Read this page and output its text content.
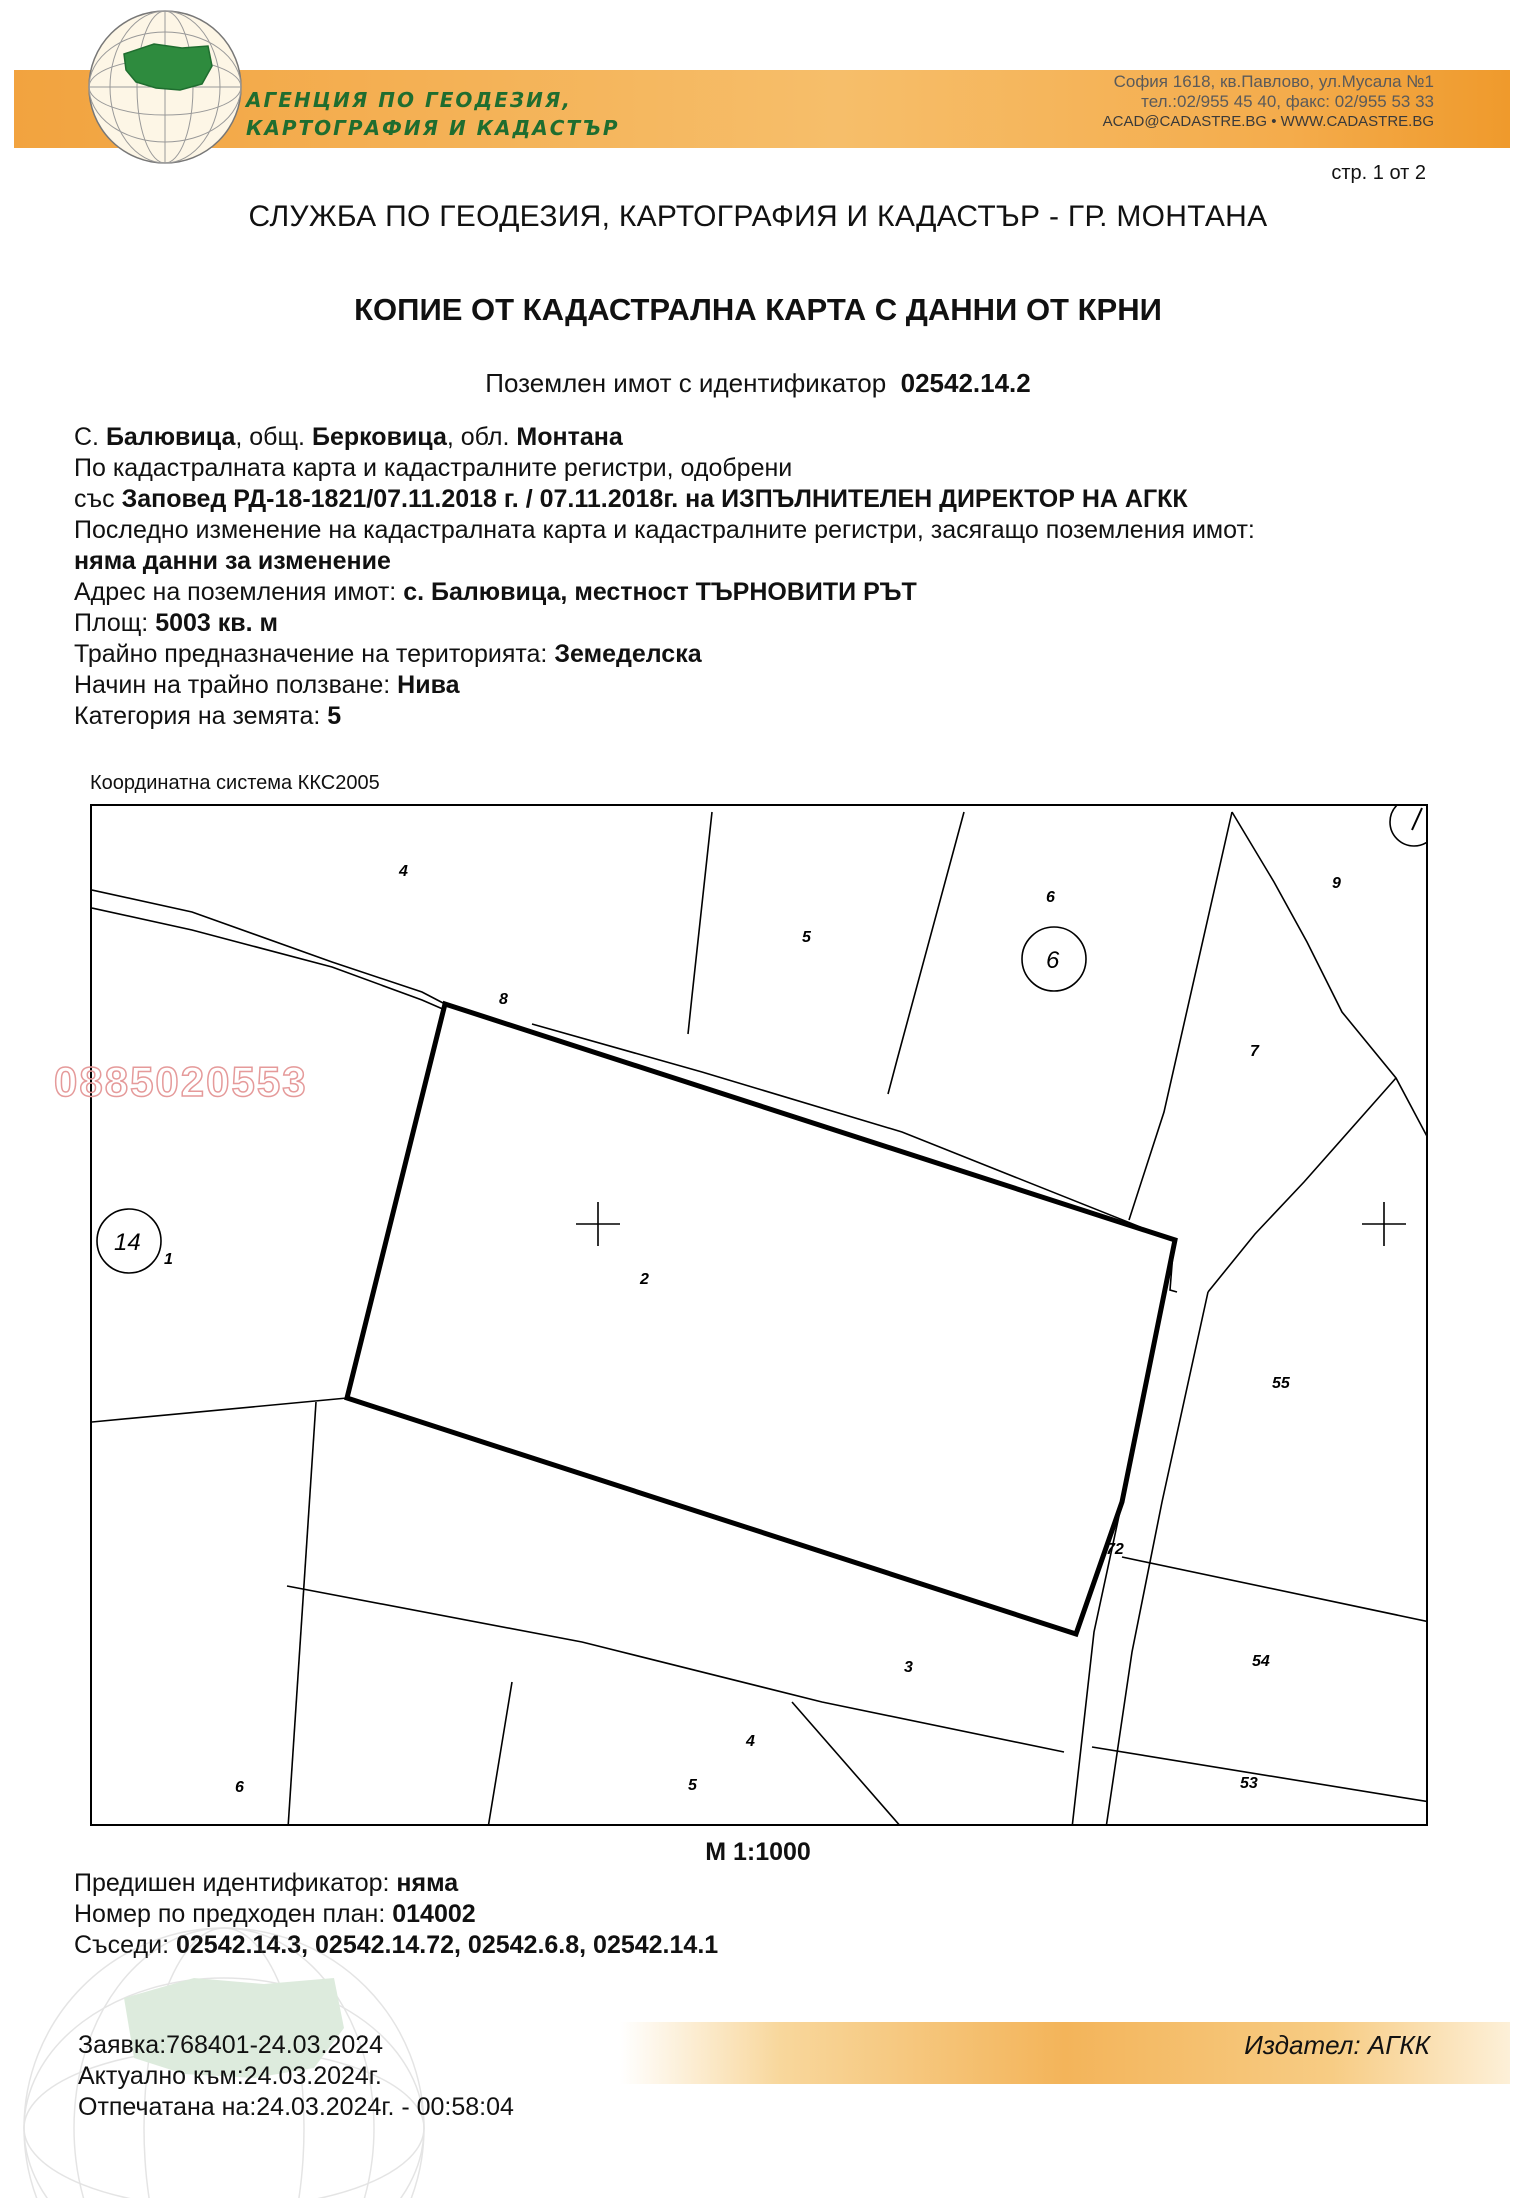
АГЕНЦИЯ ПО ГЕОДЕЗИЯ,
КАРТОГРАФИЯ И КАДАСТЪР
София 1618, кв.Павлово, ул.Мусала №1
тел.:02/955 45 40, факс: 02/955 53 33
ACAD@CADASTRE.BG • WWW.CADASTRE.BG
стр. 1 от 2
СЛУЖБА ПО ГЕОДЕЗИЯ, КАРТОГРАФИЯ И КАДАСТЪР - ГР. МОНТАНА
КОПИЕ ОТ КАДАСТРАЛНА КАРТА С ДАННИ ОТ КРНИ
Поземлен имот с идентификатор 02542.14.2
С. Балювица, общ. Берковица, обл. Монтана
По кадастралната карта и кадастралните регистри, одобрени
със Заповед РД-18-1821/07.11.2018 г. / 07.11.2018г. на ИЗПЪЛНИТЕЛЕН ДИРЕКТОР НА АГКК
Последно изменение на кадастралната карта и кадастралните регистри, засягащо поземления имот:
няма данни за изменение
Адрес на поземления имот: с. Балювица, местност ТЪРНОВИТИ РЪТ
Площ: 5003 кв. м
Трайно предназначение на територията: Земеделска
Начин на трайно ползване: Нива
Категория на земята: 5
Координатна система ККС2005
4
5
6
9
8
7
1
2
55
72
3	54
4
6	5	53
6
14
0885020553
М 1:1000
Предишен идентификатор: няма
Номер по предходен план: 014002
Съседи: 02542.14.3, 02542.14.72, 02542.6.8, 02542.14.1
Заявка:768401-24.03.2024
Актуално към:24.03.2024г.
Отпечатана на:24.03.2024г. - 00:58:04
Издател: АГКК
